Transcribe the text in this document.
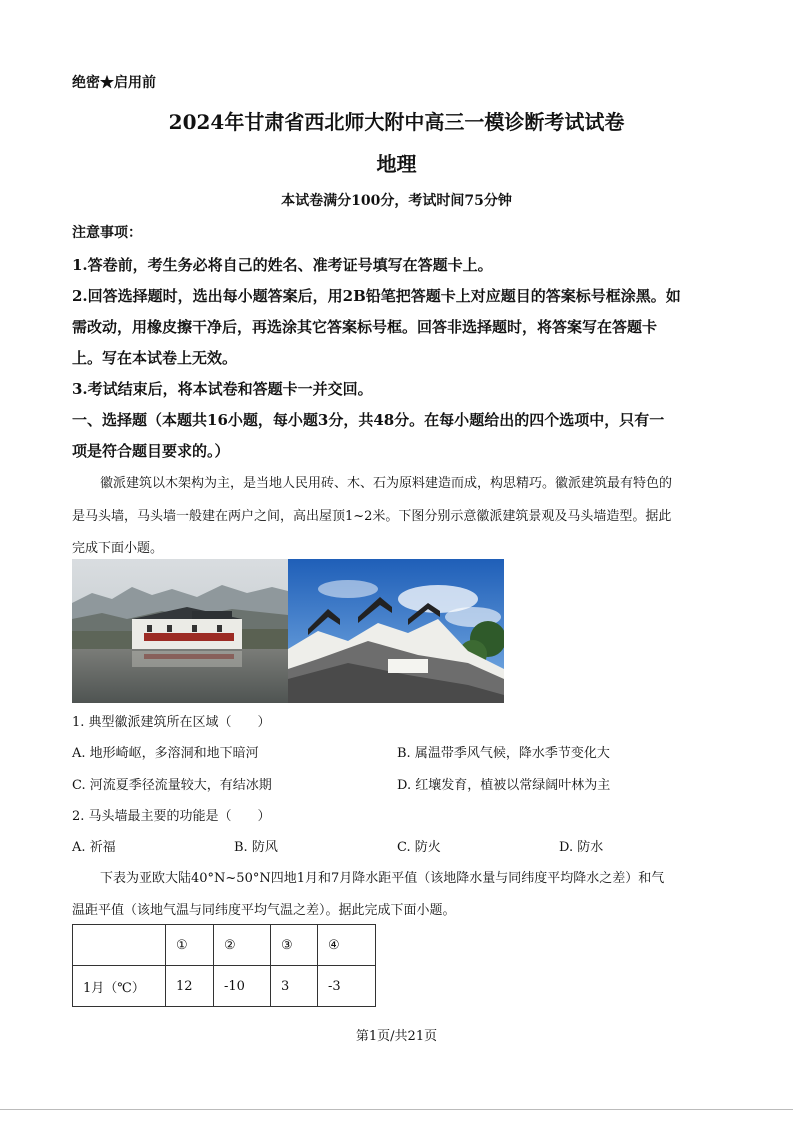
绝密★启用前
2024年甘肃省西北师大附中高三一模诊断考试试卷
地理
本试卷满分100分，考试时间75分钟
注意事项：
1.答卷前，考生务必将自己的姓名、准考证号填写在答题卡上。
2.回答选择题时，选出每小题答案后，用2B铅笔把答题卡上对应题目的答案标号框涂黑。如
需改动，用橡皮擦干净后，再选涂其它答案标号框。回答非选择题时，将答案写在答题卡
上。写在本试卷上无效。
3.考试结束后，将本试卷和答题卡一并交回。
一、选择题（本题共16小题，每小题3分，共48分。在每小题给出的四个选项中，只有一
项是符合题目要求的。）
徽派建筑以木架构为主，是当地人民用砖、木、石为原料建造而成，构思精巧。徽派建筑最有特色的
是马头墙，马头墙一般建在两户之间，高出屋顶1~2米。下图分别示意徽派建筑景观及马头墙造型。据此
完成下面小题。
1. 典型徽派建筑所在区域（　　）
A. 地形崎岖，多溶洞和地下暗河	B. 属温带季风气候，降水季节变化大
C. 河流夏季径流量较大，有结冰期	D. 红壤发育，植被以常绿阔叶林为主
2. 马头墙最主要的功能是（　　）
A. 祈福	B. 防风	C. 防火	D. 防水
下表为亚欧大陆40°N~50°N四地1月和7月降水距平值（该地降水量与同纬度平均降水之差）和气
温距平值（该地气温与同纬度平均气温之差）。据此完成下面小题。
	①	②	③	④
1月（℃）	12	-10	3	-3
第1页/共21页
